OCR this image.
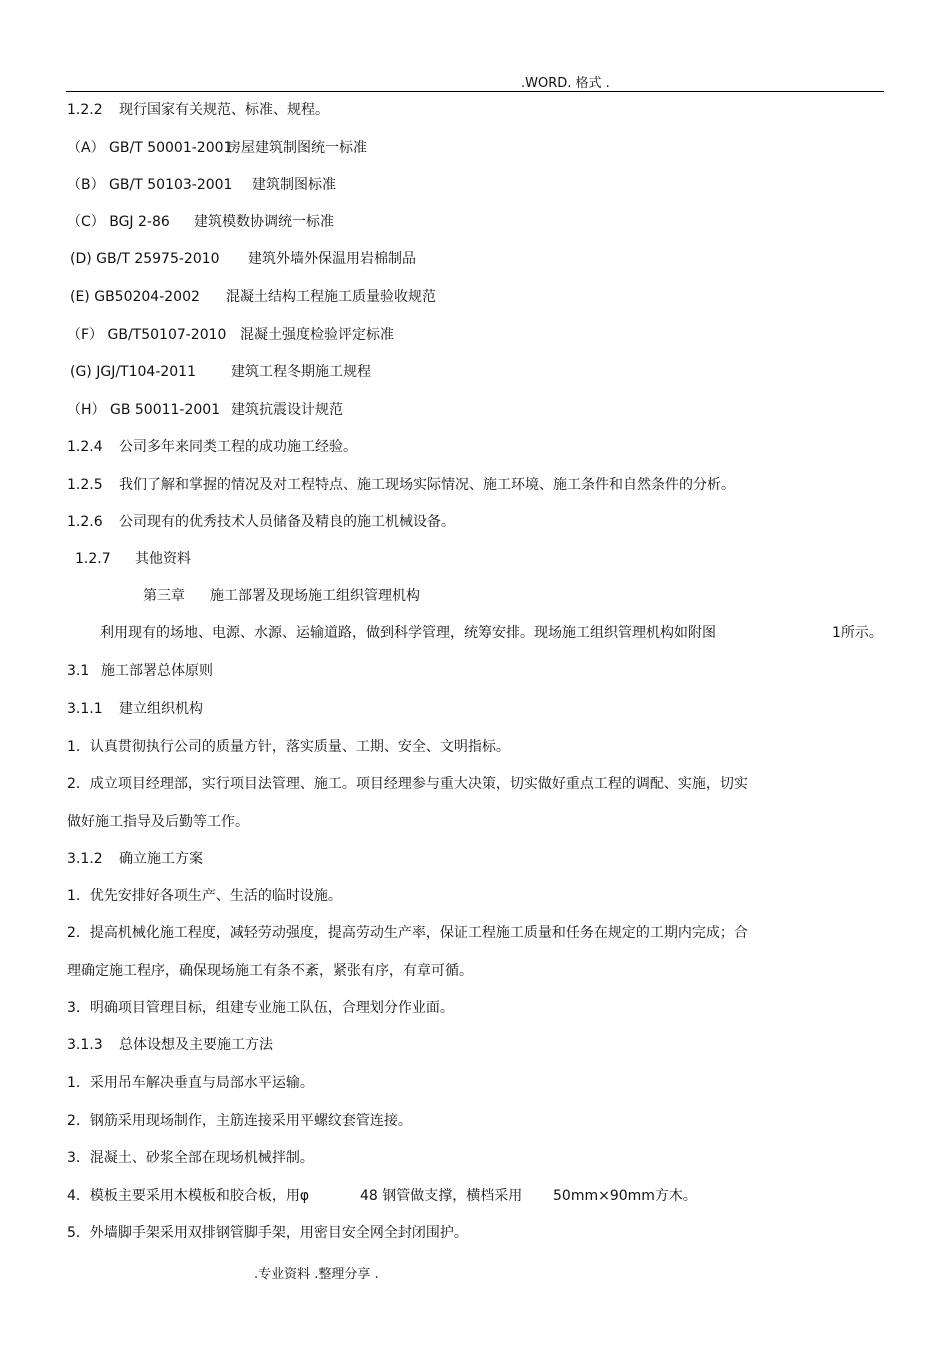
.WORD. 格式 .
1.2.2 现行国家有关规范、标准、规程。
（A） GB/T 50001-2001房屋建筑制图统一标准
（B） GB/T 50103-2001 建筑制图标准
（C） BGJ 2-86 建筑模数协调统一标准
(D) GB/T 25975-2010 建筑外墙外保温用岩棉制品
(E) GB50204-2002 混凝土结构工程施工质量验收规范
（F） GB/T50107-2010 混凝土强度检验评定标准
(G) JGJ/T104-2011	建筑工程冬期施工规程
（H） GB 50011-2001 建筑抗震设计规范
1.2.4 公司多年来同类工程的成功施工经验。
1.2.5 我们了解和掌握的情况及对工程特点、施工现场实际情况、施工环境、施工条件和自然条件的分析。
1.2.6 公司现有的优秀技术人员储备及精良的施工机械设备。
1.2.7 其他资料
第三章 施工部署及现场施工组织管理机构
利用现有的场地、电源、水源、运输道路，做到科学管理，统筹安排。现场施工组织管理机构如附图	1所示。
3.1 施工部署总体原则
3.1.1 建立组织机构
1．认真贯彻执行公司的质量方针，落实质量、工期、安全、文明指标。
2．成立项目经理部，实行项目法管理、施工。项目经理参与重大决策，切实做好重点工程的调配、实施，切实
做好施工指导及后勤等工作。
3.1.2 确立施工方案
1．优先安排好各项生产、生活的临时设施。
2．提高机械化施工程度，减轻劳动强度，提高劳动生产率，保证工程施工质量和任务在规定的工期内完成；合
理确定施工程序，确保现场施工有条不紊，紧张有序，有章可循。
3．明确项目管理目标，组建专业施工队伍，合理划分作业面。
3.1.3 总体设想及主要施工方法
1．采用吊车解决垂直与局部水平运输。
2．钢筋采用现场制作，主筋连接采用平螺纹套管连接。
3．混凝土、砂浆全部在现场机械拌制。
4．模板主要采用木模板和胶合板，用φ	48 钢管做支撑，横档采用 50mm×90mm方木。
5．外墙脚手架采用双排钢管脚手架，用密目安全网全封闭围护。
.专业资料 .整理分享 .
